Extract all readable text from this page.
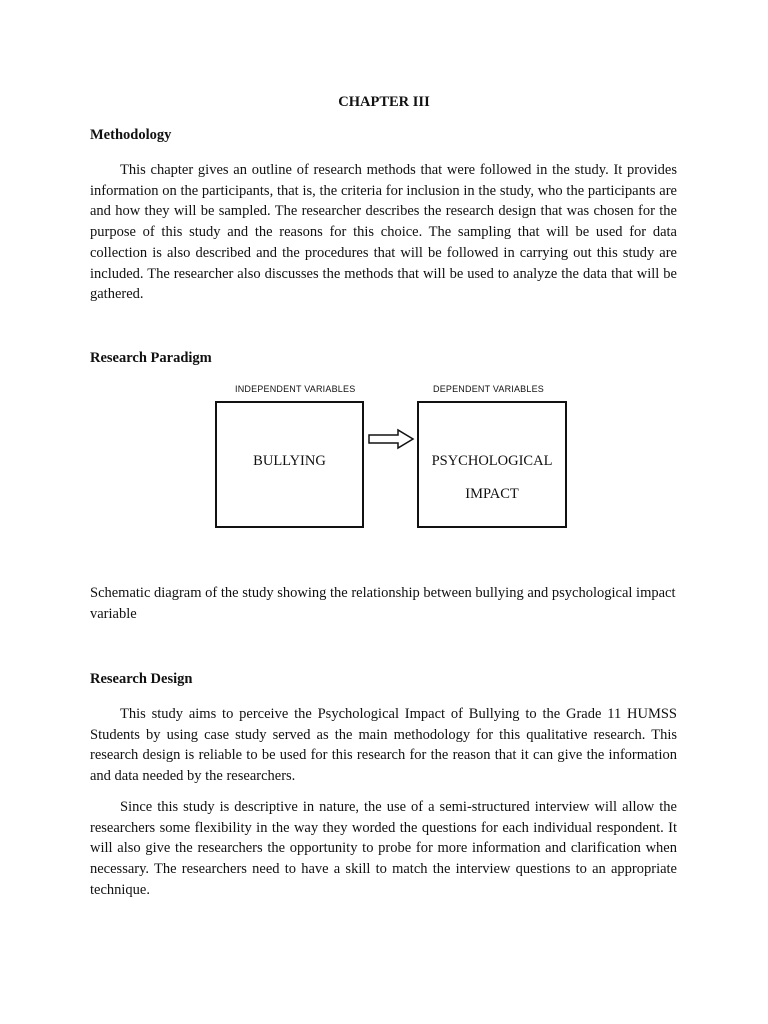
CHAPTER III
Methodology

This chapter gives an outline of research methods that were followed in the study. It provides information on the participants, that is, the criteria for inclusion in the study, who the participants are and how they will be sampled. The researcher describes the research design that was chosen for the purpose of this study and the reasons for this choice. The sampling that will be used for data collection is also described and the procedures that will be followed in carrying out this study are included. The researcher also discusses the methods that will be used to analyze the data that will be gathered.

Research Paradigm
INDEPENDENT VARIABLES	DEPENDENT VARIABLES
BULLYING	PSYCHOLOGICAL
IMPACT

Schematic diagram of the study showing the relationship between bullying and psychological impact variable

Research Design

This study aims to perceive the Psychological Impact of Bullying to the Grade 11 HUMSS Students by using case study served as the main methodology for this qualitative research. This research design is reliable to be used for this research for the reason that it can give the information and data needed by the researchers.

Since this study is descriptive in nature, the use of a semi-structured interview will allow the researchers some flexibility in the way they worded the questions for each individual respondent. It will also give the researchers the opportunity to probe for more information and clarification when necessary. The researchers need to have a skill to match the interview questions to an appropriate technique.
